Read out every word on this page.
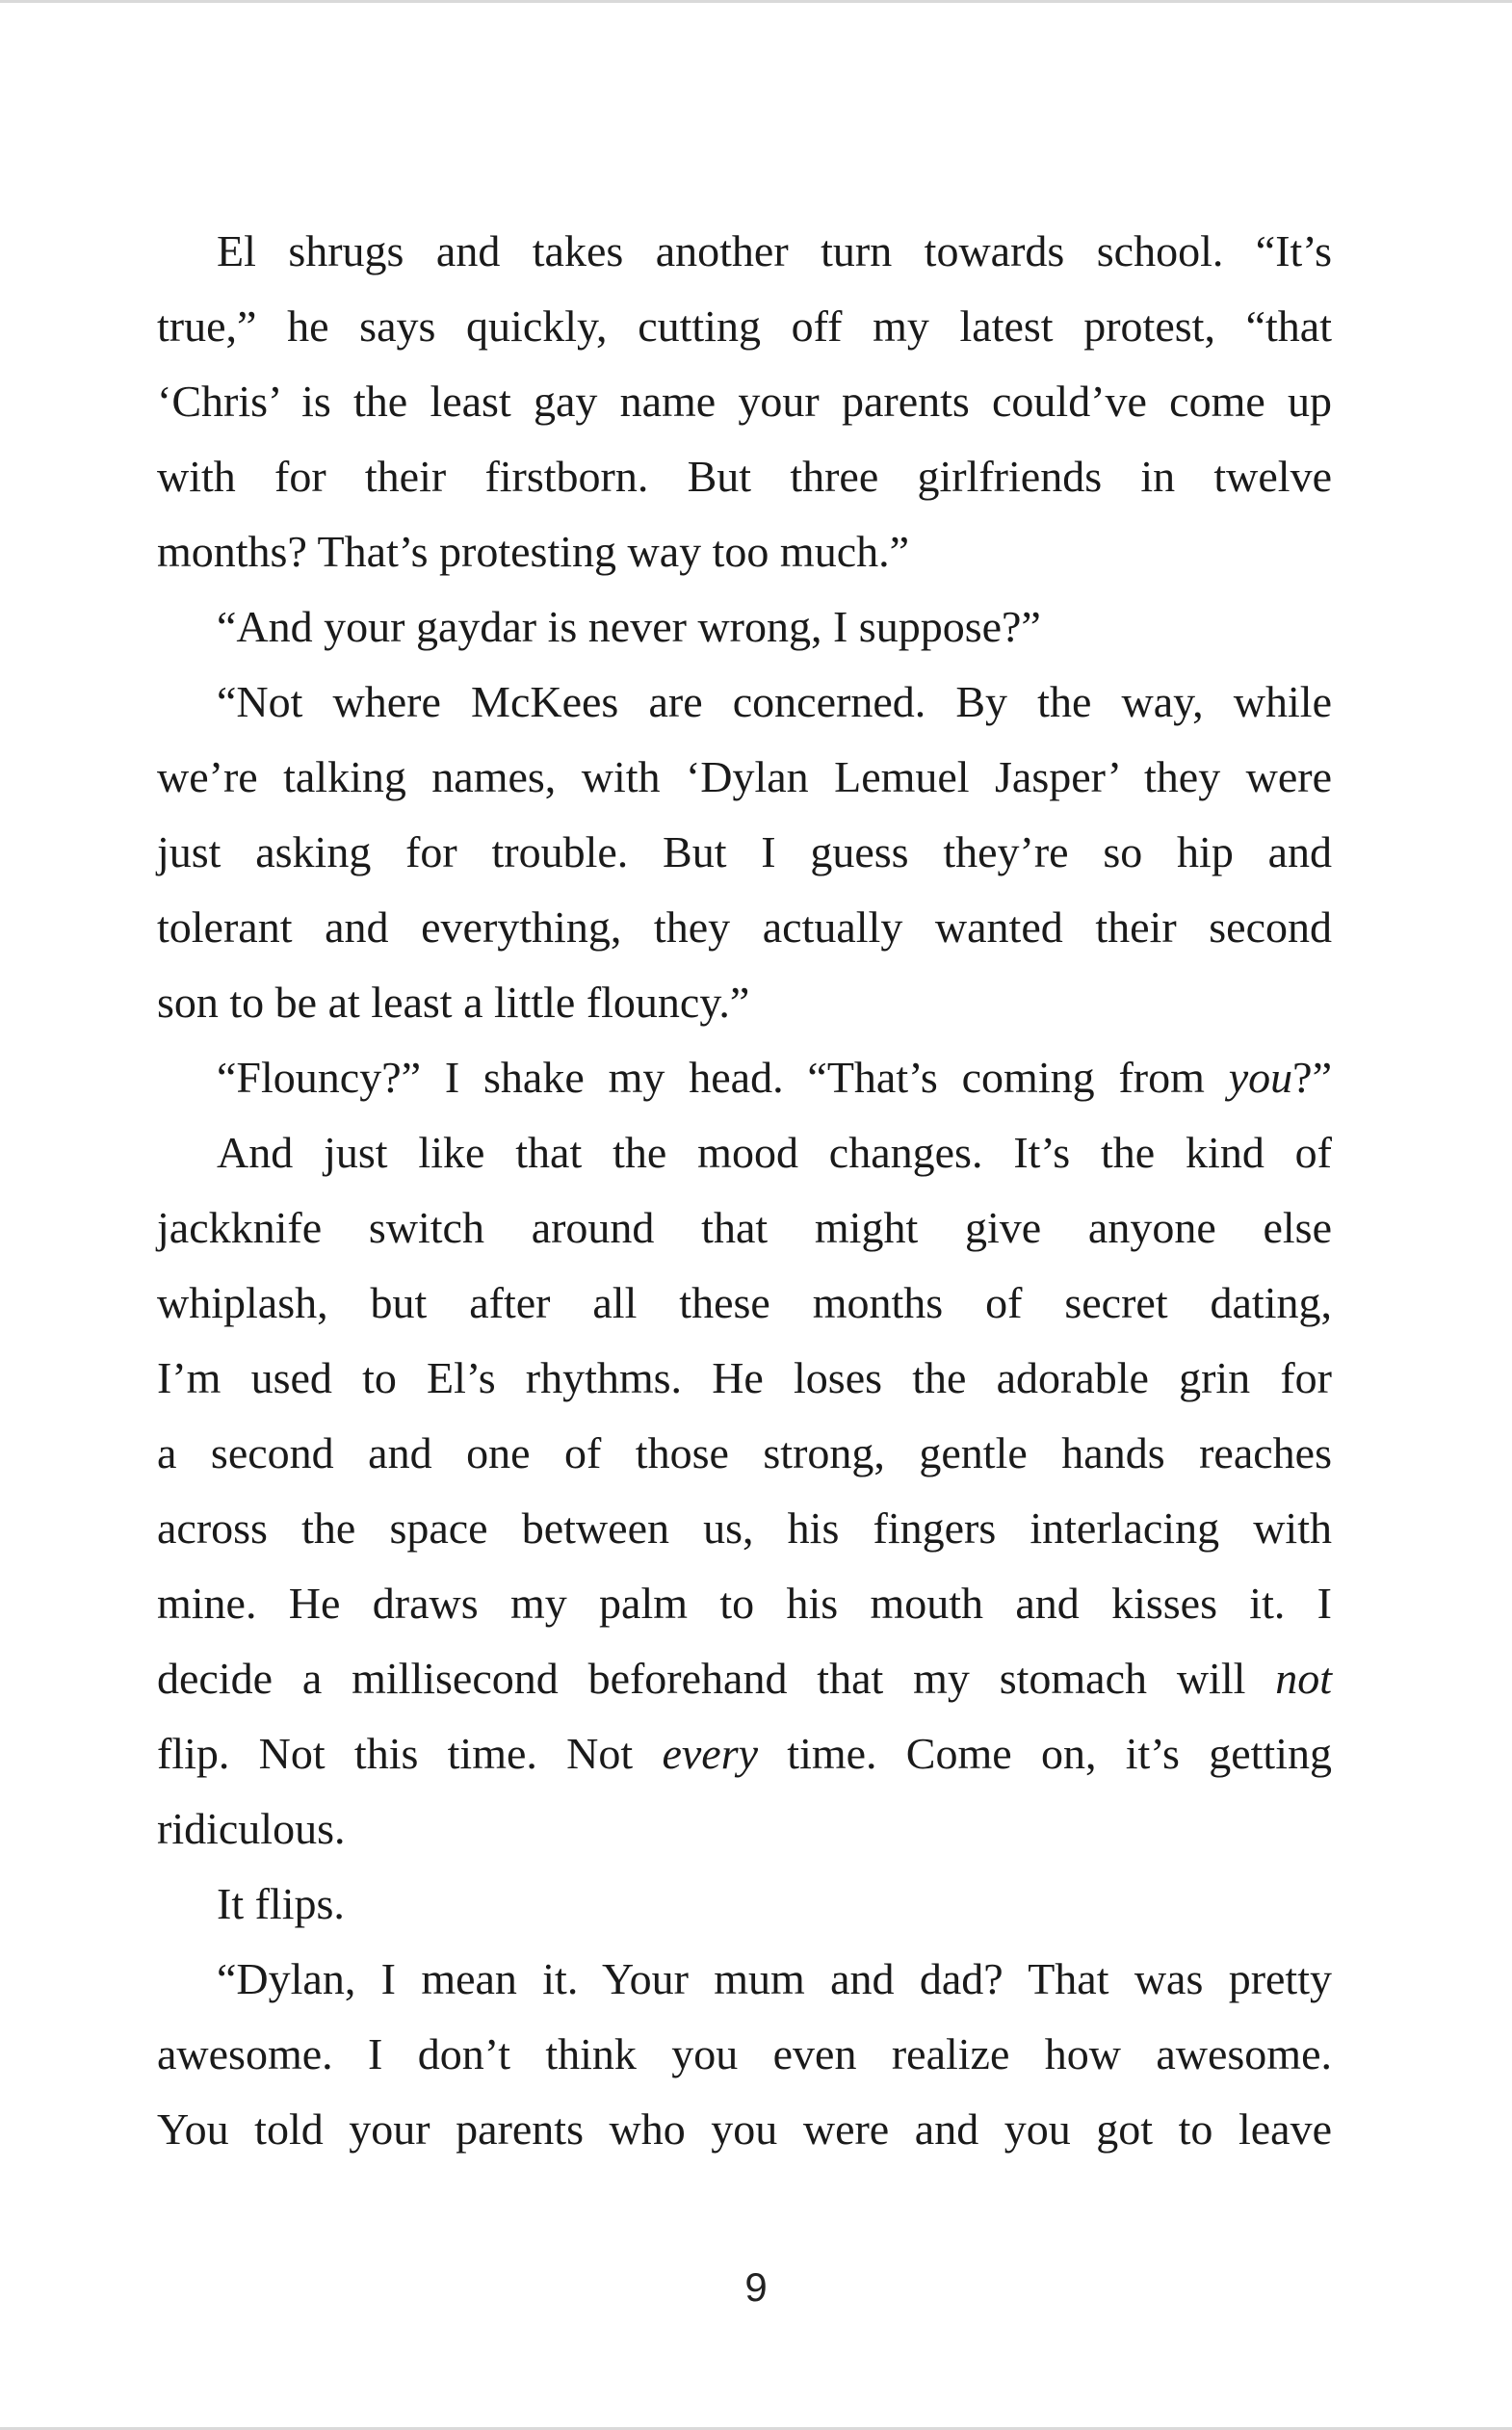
El shrugs and takes another turn towards school. “It’s
true,” he says quickly, cutting off my latest protest, “that
‘Chris’ is the least gay name your parents could’ve come up
with for their firstborn. But three girlfriends in twelve
months? That’s protesting way too much.”
“And your gaydar is never wrong, I suppose?”
“Not where McKees are concerned. By the way, while
we’re talking names, with ‘Dylan Lemuel Jasper’ they were
just asking for trouble. But I guess they’re so hip and
tolerant and everything, they actually wanted their second
son to be at least a little flouncy.”
“Flouncy?” I shake my head. “That’s coming from you?”
And just like that the mood changes. It’s the kind of
jackknife switch around that might give anyone else
whiplash, but after all these months of secret dating,
I’m used to El’s rhythms. He loses the adorable grin for
a second and one of those strong, gentle hands reaches
across the space between us, his fingers interlacing with
mine. He draws my palm to his mouth and kisses it. I
decide a millisecond beforehand that my stomach will not
flip. Not this time. Not every time. Come on, it’s getting
ridiculous.
It flips.
“Dylan, I mean it. Your mum and dad? That was pretty
awesome. I don’t think you even realize how awesome.
You told your parents who you were and you got to leave
9
